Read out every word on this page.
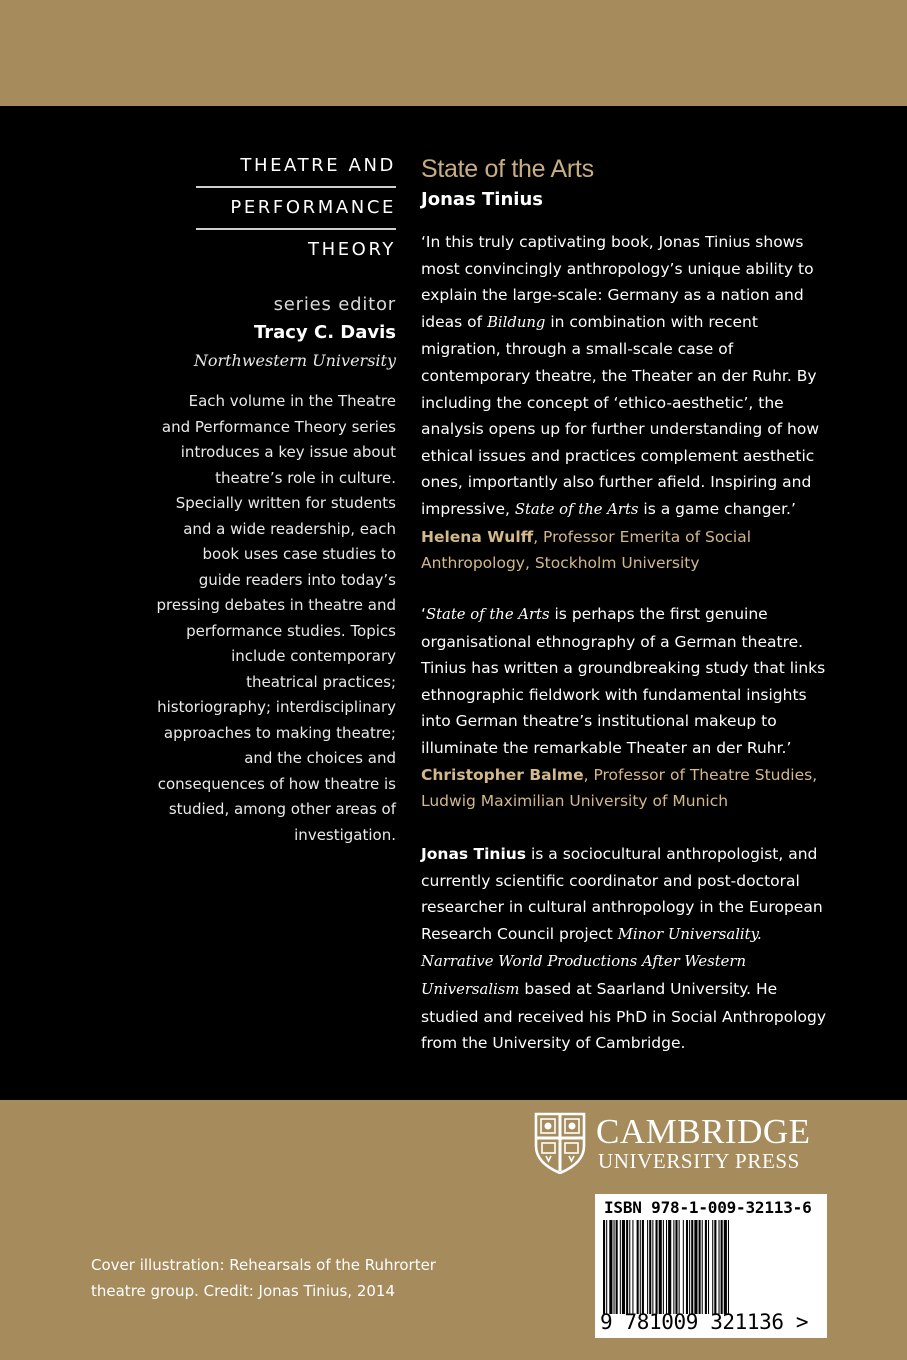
THEATRE AND
PERFORMANCE
THEORY
series editor
Tracy C. Davis
Northwestern University
Each volume in the Theatre and Performance Theory series introduces a key issue about theatre’s role in culture. Specially written for students and a wide readership, each book uses case studies to guide readers into today’s pressing debates in theatre and performance studies. Topics include contemporary theatrical practices; historiography; interdisciplinary approaches to making theatre; and the choices and consequences of how theatre is studied, among other areas of investigation.
State of the Arts
Jonas Tinius
‘In this truly captivating book, Jonas Tinius shows most convincingly anthropology’s unique ability to explain the large-scale: Germany as a nation and ideas of Bildung in combination with recent migration, through a small-scale case of contemporary theatre, the Theater an der Ruhr. By including the concept of ‘ethico-aesthetic’, the analysis opens up for further understanding of how ethical issues and practices complement aesthetic ones, importantly also further afield. Inspiring and impressive, State of the Arts is a game changer.’
Helena Wulff, Professor Emerita of Social Anthropology, Stockholm University
‘State of the Arts is perhaps the first genuine organisational ethnography of a German theatre. Tinius has written a groundbreaking study that links ethnographic fieldwork with fundamental insights into German theatre’s institutional makeup to illuminate the remarkable Theater an der Ruhr.’
Christopher Balme, Professor of Theatre Studies, Ludwig Maximilian University of Munich
Jonas Tinius is a sociocultural anthropologist, and currently scientific coordinator and post-doctoral researcher in cultural anthropology in the European Research Council project Minor Universality. Narrative World Productions After Western Universalism based at Saarland University. He studied and received his PhD in Social Anthropology from the University of Cambridge.
CAMBRIDGE
UNIVERSITY PRESS
ISBN 978-1-009-32113-6
9 781009 321136 >
Cover illustration: Rehearsals of the Ruhrorter theatre group. Credit: Jonas Tinius, 2014
